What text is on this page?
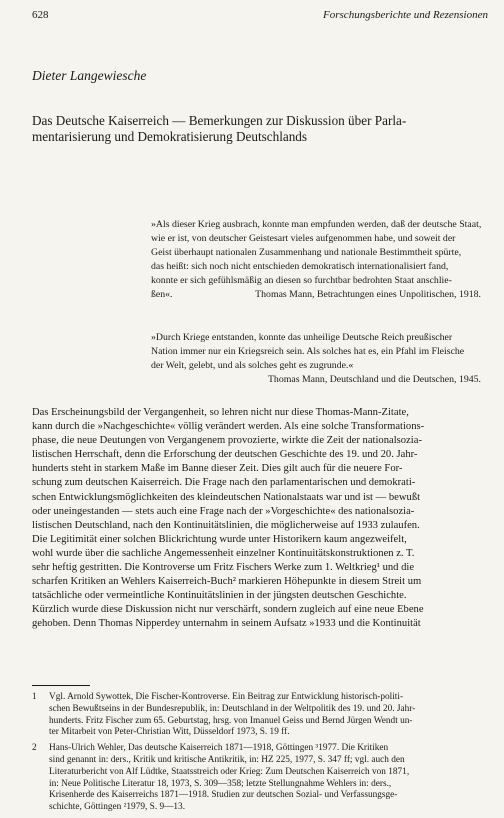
628	Forschungsberichte und Rezensionen
Dieter Langewiesche
Das Deutsche Kaiserreich — Bemerkungen zur Diskussion über Parla-
mentarisierung und Demokratisierung Deutschlands
»Als dieser Krieg ausbrach, konnte man empfunden werden, daß der deutsche Staat,
wie er ist, von deutscher Geistesart vieles aufgenommen habe, und soweit der
Geist überhaupt nationalen Zusammenhang und nationale Bestimmtheit spürte,
das heißt: sich noch nicht entschieden demokratisch internationalisiert fand,
konnte er sich gefühlsmäßig an diesen so furchtbar bedrohten Staat anschlie-
ßen«.	Thomas Mann, Betrachtungen eines Unpolitischen, 1918.
»Durch Kriege entstanden, konnte das unheilige Deutsche Reich preußischer
Nation immer nur ein Kriegsreich sein. Als solches hat es, ein Pfahl im Fleische
der Welt, gelebt, und als solches geht es zugrunde.«
Thomas Mann, Deutschland und die Deutschen, 1945.
Das Erscheinungsbild der Vergangenheit, so lehren nicht nur diese Thomas-Mann-Zitate,
kann durch die »Nachgeschichte« völlig verändert werden. Als eine solche Transformations-
phase, die neue Deutungen von Vergangenem provozierte, wirkte die Zeit der nationalsozia-
listischen Herrschaft, denn die Erforschung der deutschen Geschichte des 19. und 20. Jahr-
hunderts steht in starkem Maße im Banne dieser Zeit. Dies gilt auch für die neuere For-
schung zum deutschen Kaiserreich. Die Frage nach den parlamentarischen und demokrati-
schen Entwicklungsmöglichkeiten des kleindeutschen Nationalstaats war und ist — bewußt
oder uneingestanden — stets auch eine Frage nach der »Vorgeschichte« des nationalsozia-
listischen Deutschland, nach den Kontinuitätslinien, die möglicherweise auf 1933 zulaufen.
Die Legitimität einer solchen Blickrichtung wurde unter Historikern kaum angezweifelt,
wohl wurde über die sachliche Angemessenheit einzelner Kontinuitätskonstruktionen z. T.
sehr heftig gestritten. Die Kontroverse um Fritz Fischers Werke zum 1. Weltkrieg¹ und die
scharfen Kritiken an Wehlers Kaiserreich-Buch² markieren Höhepunkte in diesem Streit um
tatsächliche oder vermeintliche Kontinuitätslinien in der jüngsten deutschen Geschichte.
Kürzlich wurde diese Diskussion nicht nur verschärft, sondern zugleich auf eine neue Ebene
gehoben. Denn Thomas Nipperdey unternahm in seinem Aufsatz »1933 und die Kontinuität
1 Vgl. Arnold Sywottek, Die Fischer-Kontroverse. Ein Beitrag zur Entwicklung historisch-politi-
schen Bewußtseins in der Bundesrepublik, in: Deutschland in der Weltpolitik des 19. und 20. Jahr-
hunderts. Fritz Fischer zum 65. Geburtstag, hrsg. von Imanuel Geiss und Bernd Jürgen Wendt un-
ter Mitarbeit von Peter-Christian Witt, Düsseldorf 1973, S. 19 ff.
2 Hans-Ulrich Wehler, Das deutsche Kaiserreich 1871—1918, Göttingen ³1977. Die Kritiken
sind genannt in: ders., Kritik und kritische Antikritik, in: HZ 225, 1977, S. 347 ff; vgl. auch den
Literaturbericht von Alf Lüdtke, Staatsstreich oder Krieg: Zum Deutschen Kaiserreich von 1871,
in: Neue Politische Literatur 18, 1973, S. 309—358; letzte Stellungnahme Wehlers in: ders.,
Krisenherde des Kaiserreichs 1871—1918. Studien zur deutschen Sozial- und Verfassungsge-
schichte, Göttingen ²1979, S. 9—13.
